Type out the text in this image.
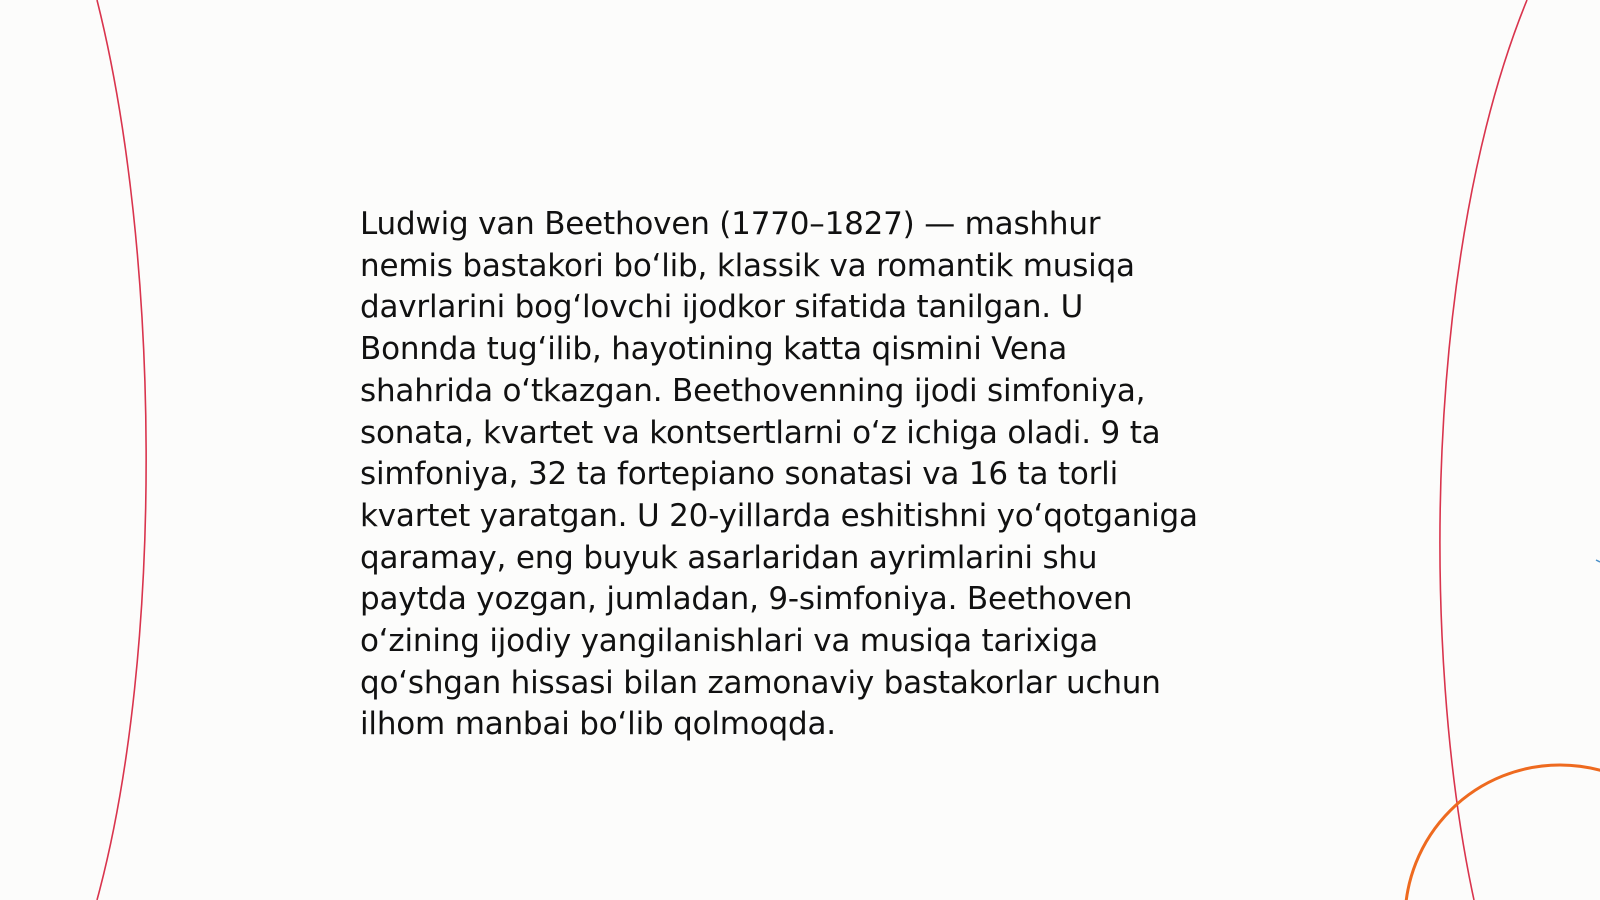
Ludwig van Beethoven (1770–1827) — mashhur
nemis bastakori boʻlib, klassik va romantik musiqa
davrlarini bogʻlovchi ijodkor sifatida tanilgan. U
Bonnda tugʻilib, hayotining katta qismini Vena
shahrida oʻtkazgan. Beethovenning ijodi simfoniya,
sonata, kvartet va kontsertlarni oʻz ichiga oladi. 9 ta
simfoniya, 32 ta fortepiano sonatasi va 16 ta torli
kvartet yaratgan. U 20-yillarda eshitishni yoʻqotganiga
qaramay, eng buyuk asarlaridan ayrimlarini shu
paytda yozgan, jumladan, 9-simfoniya. Beethoven
oʻzining ijodiy yangilanishlari va musiqa tarixiga
qoʻshgan hissasi bilan zamonaviy bastakorlar uchun
ilhom manbai boʻlib qolmoqda.
